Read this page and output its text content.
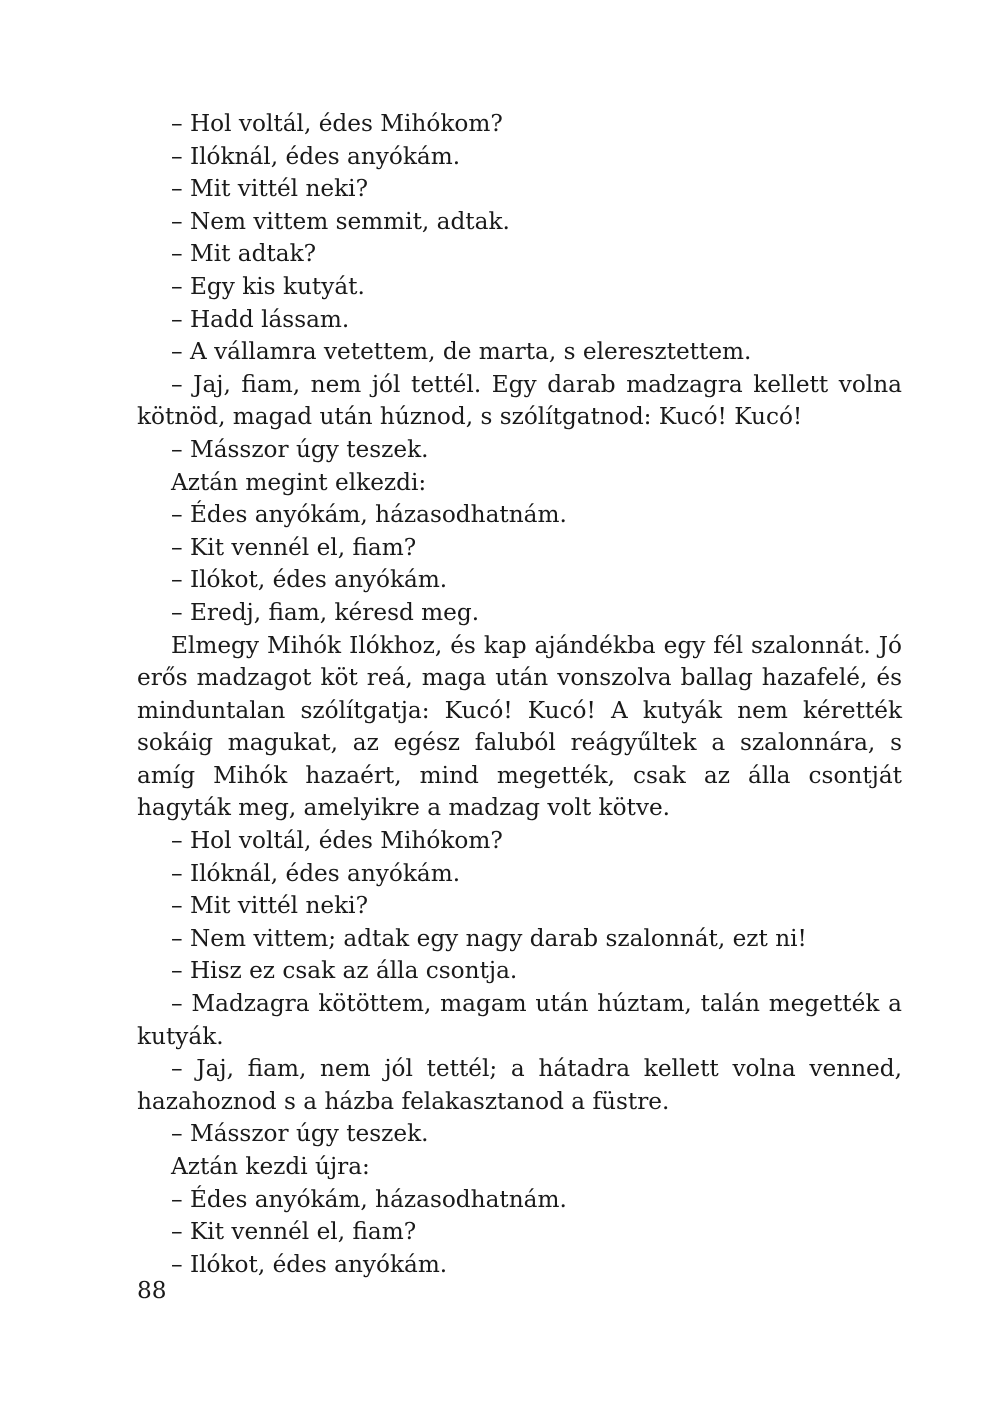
– Hol voltál, édes Mihókom?

– Ilóknál, édes anyókám.

– Mit vittél neki?

– Nem vittem semmit, adtak.

– Mit adtak?

– Egy kis kutyát.

– Hadd lássam.

– A vállamra vetettem, de marta, s eleresztettem.

– Jaj, fiam, nem jól tettél. Egy darab madzagra kellett volna kötnöd, magad után húznod, s szólítgatnod: Kucó! Kucó!

– Másszor úgy teszek.

Aztán megint elkezdi:

– Édes anyókám, házasodhatnám.

– Kit vennél el, fiam?

– Ilókot, édes anyókám.

– Eredj, fiam, kéresd meg.

Elmegy Mihók Ilókhoz, és kap ajándékba egy fél szalonnát. Jó erős madzagot köt reá, maga után vonszolva ballag hazafelé, és minduntalan szólítgatja: Kucó! Kucó! A kutyák nem kérették sokáig magukat, az egész faluból reágyűltek a szalonnára, s amíg Mihók hazaért, mind megették, csak az álla csontját hagyták meg, amelyikre a madzag volt kötve.

– Hol voltál, édes Mihókom?

– Ilóknál, édes anyókám.

– Mit vittél neki?

– Nem vittem; adtak egy nagy darab szalonnát, ezt ni!

– Hisz ez csak az álla csontja.

– Madzagra kötöttem, magam után húztam, talán megették a kutyák.

– Jaj, fiam, nem jól tettél; a hátadra kellett volna venned, hazahoznod s a házba felakasztanod a füstre.

– Másszor úgy teszek.

Aztán kezdi újra:

– Édes anyókám, házasodhatnám.

– Kit vennél el, fiam?

– Ilókot, édes anyókám.

88
